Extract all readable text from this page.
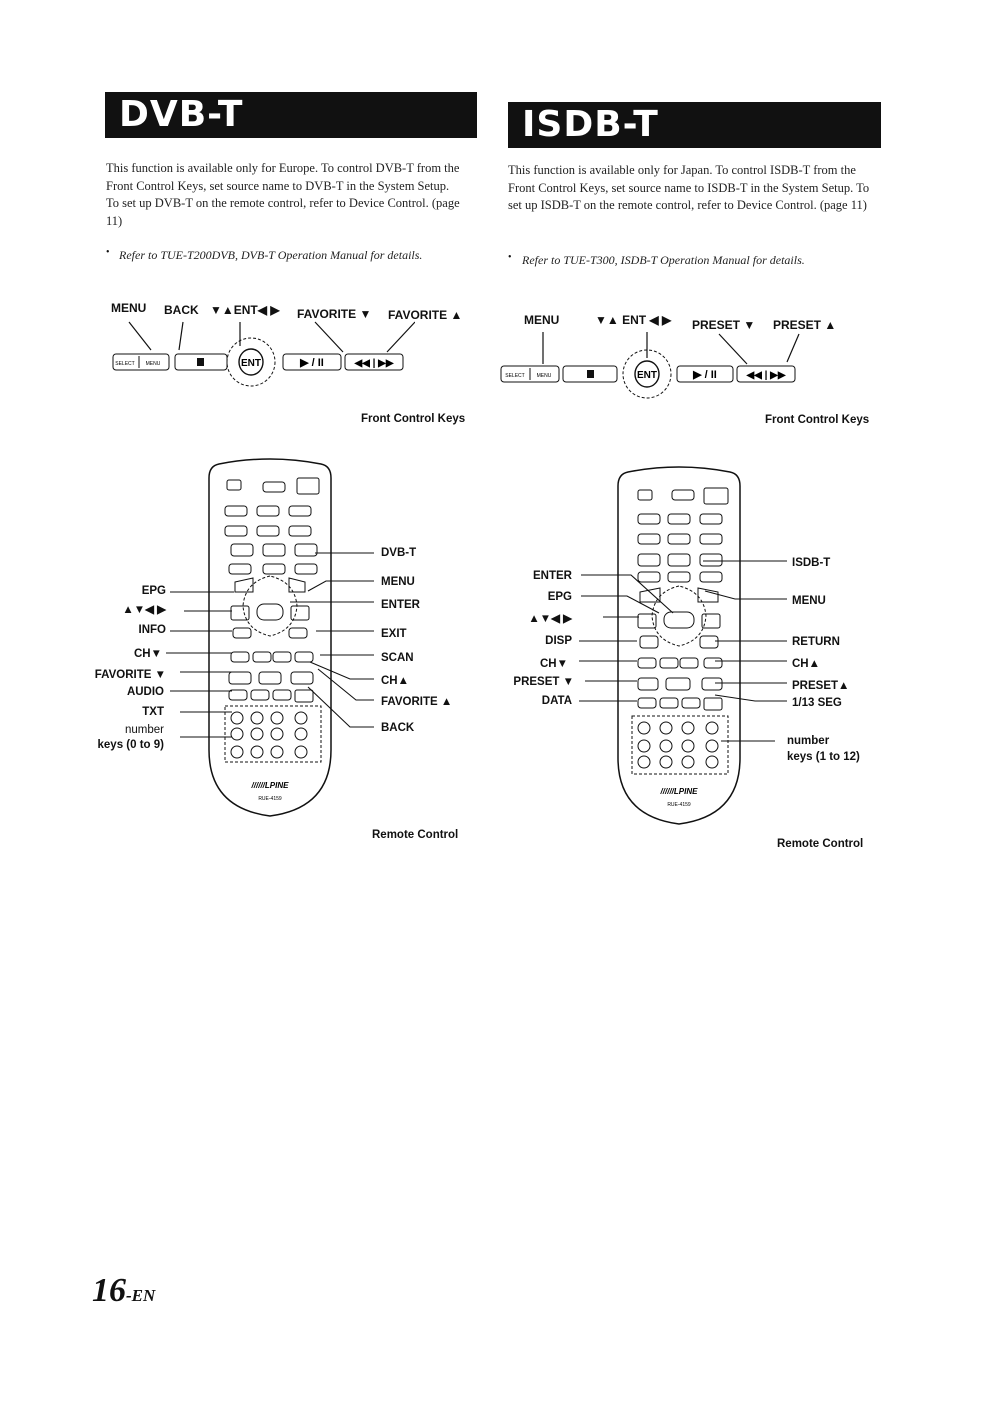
DVB-T
This function is available only for Europe. To control DVB-T from the Front Control Keys, set source name to DVB-T in the System Setup. To set up DVB-T on the remote control, refer to Device Control. (page 11)
• Refer to TUE-T200DVB, DVB-T Operation Manual for details.
ISDB-T
This function is available only for Japan. To control ISDB-T from the Front Control Keys, set source name to ISDB-T in the System Setup. To set up ISDB-T on the remote control, refer to Device Control. (page 11)
• Refer to TUE-T300, ISDB-T Operation Manual for details.
MENU BACK ▼▲ENT◀ ▶ FAVORITE ▼ FAVORITE ▲
SELECT MENU	ENT	▶ / II	◀◀ | ▶▶
Front Control Keys
MENU	▼▲ ENT ◀ ▶ PRESET ▼ PRESET ▲
SELECT MENU	ENT	▶ / II	◀◀ | ▶▶
Front Control Keys
//////LPINE
RUE-4159
EPG
▲▼◀ ▶
INFO
CH▼
FAVORITE ▼
AUDIO
TXT
number
keys (0 to 9)
DVB-T
MENU
ENTER
EXIT
SCAN
CH▲
FAVORITE ▲
BACK
Remote Control
//////LPINE
RUE-4159
ENTER
EPG
▲▼◀ ▶
DISP
CH▼
PRESET ▼
DATA
ISDB-T
MENU
RETURN
CH▲
PRESET▲
1/13 SEG
number
keys (1 to 12)
Remote Control
16-EN
